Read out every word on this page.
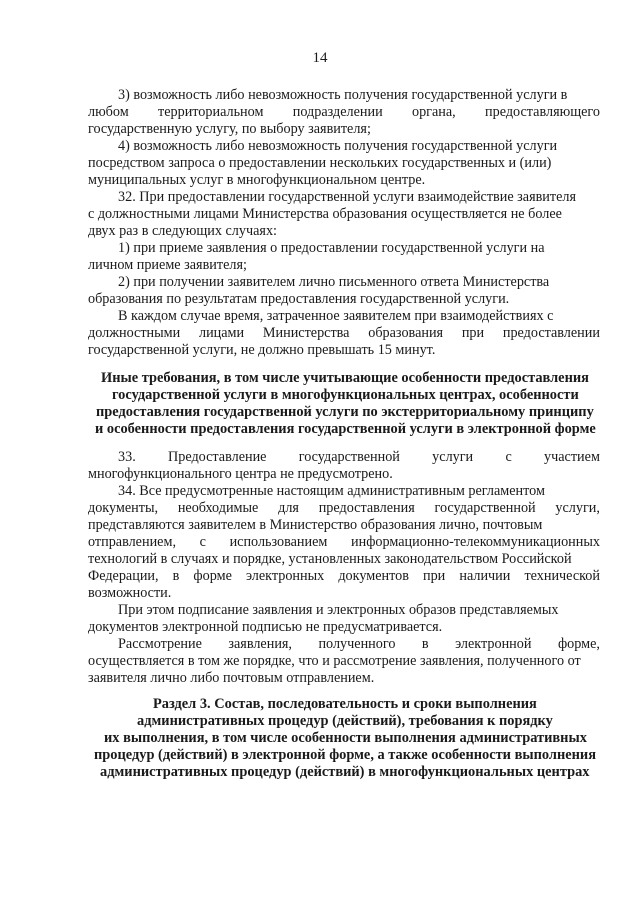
14
3) возможность либо невозможность получения государственной услуги в
любом территориальном подразделении органа, предоставляющего
государственную услугу, по выбору заявителя;
4) возможность либо невозможность получения государственной услуги
посредством запроса о предоставлении нескольких государственных и (или)
муниципальных услуг в многофункциональном центре.
32. При предоставлении государственной услуги взаимодействие заявителя
с должностными лицами Министерства образования осуществляется не более
двух раз в следующих случаях:
1) при приеме заявления о предоставлении государственной услуги на
личном приеме заявителя;
2) при получении заявителем лично письменного ответа Министерства
образования по результатам предоставления государственной услуги.
В каждом случае время, затраченное заявителем при взаимодействиях с
должностными лицами Министерства образования при предоставлении
государственной услуги, не должно превышать 15 минут.
Иные требования, в том числе учитывающие особенности предоставления
государственной услуги в многофункциональных центрах, особенности
предоставления государственной услуги по экстерриториальному принципу
и особенности предоставления государственной услуги в электронной форме
33. Предоставление государственной услуги с участием
многофункционального центра не предусмотрено.
34. Все предусмотренные настоящим административным регламентом
документы, необходимые для предоставления государственной услуги,
представляются заявителем в Министерство образования лично, почтовым
отправлением, с использованием информационно-телекоммуникационных
технологий в случаях и порядке, установленных законодательством Российской
Федерации, в форме электронных документов при наличии технической
возможности.
При этом подписание заявления и электронных образов представляемых
документов электронной подписью не предусматривается.
Рассмотрение заявления, полученного в электронной форме,
осуществляется в том же порядке, что и рассмотрение заявления, полученного от
заявителя лично либо почтовым отправлением.
Раздел 3. Состав, последовательность и сроки выполнения
административных процедур (действий), требования к порядку
их выполнения, в том числе особенности выполнения административных
процедур (действий) в электронной форме, а также особенности выполнения
административных процедур (действий) в многофункциональных центрах
